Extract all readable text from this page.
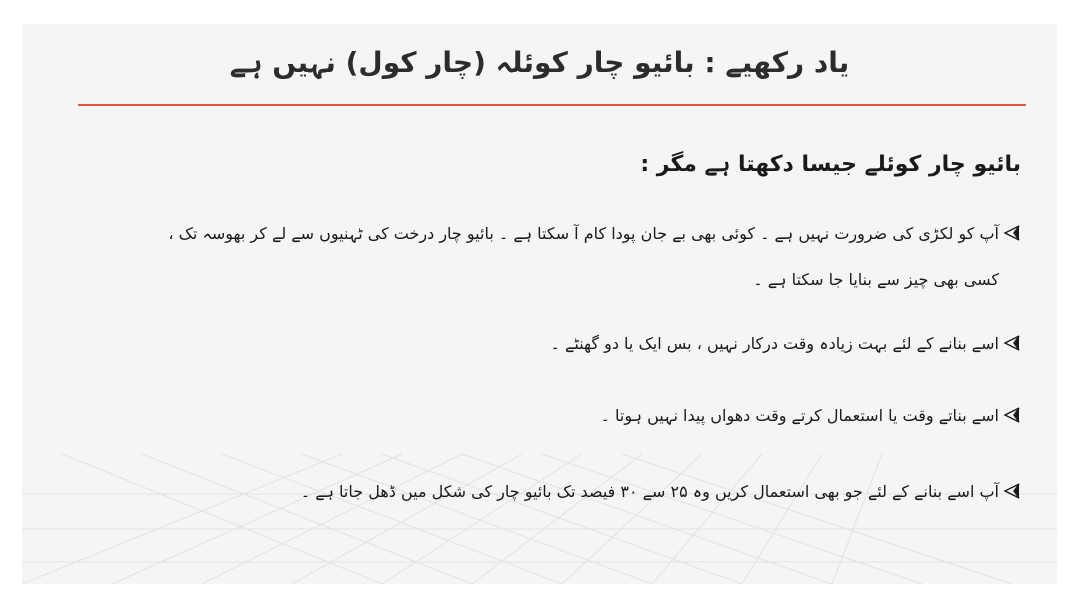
یاد رکھیے : بائیو چار کوئلہ (چار کول) نہیں ہے
بائیو چار کوئلے جیسا دکھتا ہے مگر :
آپ کو لکڑی کی ضرورت نہیں ہے ۔ کوئی بھی بے جان پودا کام آ سکتا ہے ۔ بائیو چار درخت کی ٹہنیوں سے لے کر بھوسہ تک ،
کسی بھی چیز سے بنایا جا سکتا ہے ۔
اسے بنانے کے لئے بہت زیادہ وقت درکار نہیں ، بس ایک یا دو گھنٹے ۔
اسے بناتے وقت یا استعمال کرتے وقت دھواں پیدا نہیں ہوتا ۔
آپ اسے بنانے کے لئے جو بھی استعمال کریں وہ ۲۵ سے ۳۰ فیصد تک بائیو چار کی شکل میں ڈھل جاتا ہے ۔
